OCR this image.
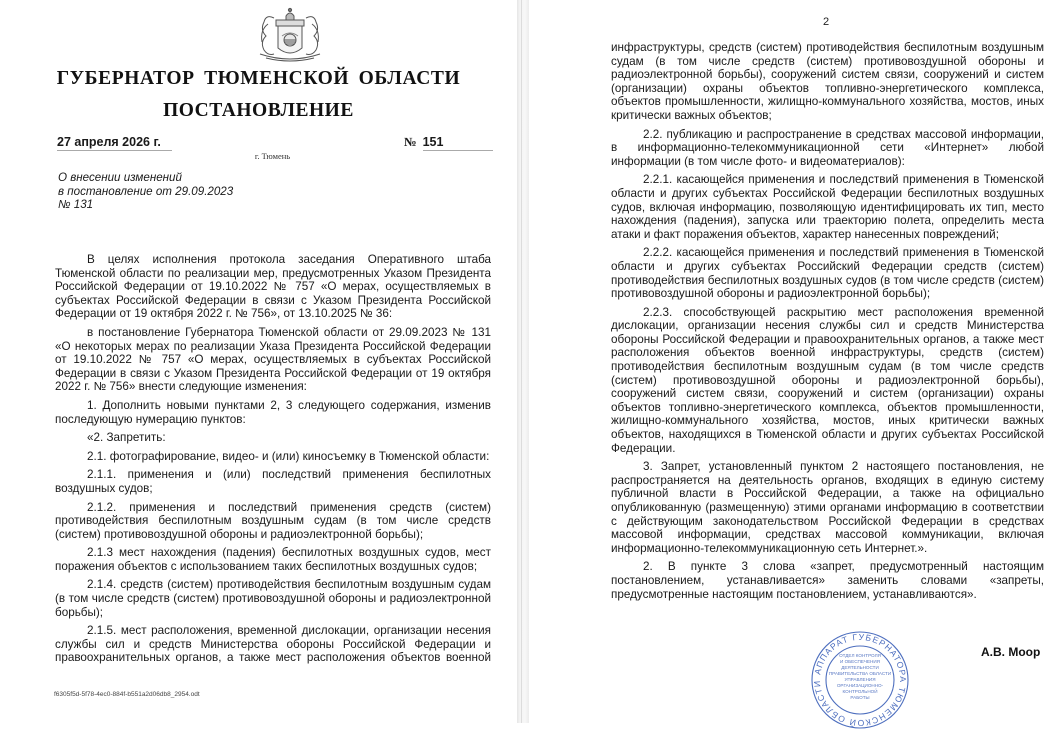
ГУБЕРНАТОР ТЮМЕНСКОЙ ОБЛАСТИ
ПОСТАНОВЛЕНИЕ
27 апреля 2026 г.	№ 151
г. Тюмень
О внесении изменений
в постановление от 29.09.2023
№ 131

В целях исполнения протокола заседания Оперативного штаба Тюменской области по реализации мер, предусмотренных Указом Президента Российской Федерации от 19.10.2022 № 757 «О мерах, осуществляемых в субъектах Российской Федерации в связи с Указом Президента Российской Федерации от 19 октября 2022 г. № 756», от 13.10.2025 № 36:

в постановление Губернатора Тюменской области от 29.09.2023 № 131 «О некоторых мерах по реализации Указа Президента Российской Федерации от 19.10.2022 № 757 «О мерах, осуществляемых в субъектах Российской Федерации в связи с Указом Президента Российской Федерации от 19 октября 2022 г. № 756» внести следующие изменения:

1. Дополнить новыми пунктами 2, 3 следующего содержания, изменив последующую нумерацию пунктов:

«2. Запретить:

2.1. фотографирование, видео- и (или) киносъемку в Тюменской области:

2.1.1. применения и (или) последствий применения беспилотных воздушных судов;

2.1.2. применения и последствий применения средств (систем) противодействия беспилотным воздушным судам (в том числе средств (систем) противовоздушной обороны и радиоэлектронной борьбы);

2.1.3 мест нахождения (падения) беспилотных воздушных судов, мест поражения объектов с использованием таких беспилотных воздушных судов;

2.1.4. средств (систем) противодействия беспилотным воздушным судам (в том числе средств (систем) противовоздушной обороны и радиоэлектронной борьбы);

2.1.5. мест расположения, временной дислокации, организации несения службы сил и средств Министерства обороны Российской Федерации и правоохранительных органов, а также мест расположения объектов военной

f6305f5d-5f78-4ec0-884f-b551a2d06db8_2954.odt
2

инфраструктуры, средств (систем) противодействия беспилотным воздушным судам (в том числе средств (систем) противовоздушной обороны и радиоэлектронной борьбы), сооружений систем связи, сооружений и систем (организации) охраны объектов топливно-энергетического комплекса, объектов промышленности, жилищно-коммунального хозяйства, мостов, иных критически важных объектов;

2.2. публикацию и распространение в средствах массовой информации, в информационно-телекоммуникационной сети «Интернет» любой информации (в том числе фото- и видеоматериалов):

2.2.1. касающейся применения и последствий применения в Тюменской области и других субъектах Российской Федерации беспилотных воздушных судов, включая информацию, позволяющую идентифицировать их тип, место нахождения (падения), запуска или траекторию полета, определить места атаки и факт поражения объектов, характер нанесенных повреждений;

2.2.2. касающейся применения и последствий применения в Тюменской области и других субъектах Российский Федерации средств (систем) противодействия беспилотных воздушных судов (в том числе средств (систем) противовоздушной обороны и радиоэлектронной борьбы);

2.2.3. способствующей раскрытию мест расположения временной дислокации, организации несения службы сил и средств Министерства обороны Российской Федерации и правоохранительных органов, а также мест расположения объектов военной инфраструктуры, средств (систем) противодействия беспилотным воздушным судам (в том числе средств (систем) противовоздушной обороны и радиоэлектронной борьбы), сооружений систем связи, сооружений и систем (организации) охраны объектов топливно-энергетического комплекса, объектов промышленности, жилищно-коммунального хозяйства, мостов, иных критически важных объектов, находящихся в Тюменской области и других субъектах Российской Федерации.

3. Запрет, установленный пунктом 2 настоящего постановления, не распространяется на деятельность органов, входящих в единую систему публичной власти в Российской Федерации, а также на официально опубликованную (размещенную) этими органами информацию в соответствии с действующим законодательством Российской Федерации в средствах массовой информации, средствах массовой коммуникации, включая информационно-телекоммуникационную сеть Интернет.».

2. В пункте 3 слова «запрет, предусмотренный настоящим постановлением, устанавливается» заменить словами «запреты, предусмотренные настоящим постановлением, устанавливаются».

АППАРАТ ГУБЕРНАТОРА ТЮМЕНСКОЙ ОБЛАСТИ
ОТДЕЛ КОНТРОЛЯ
И ОБЕСПЕЧЕНИЯ
ДЕЯТЕЛЬНОСТИ
ПРАВИТЕЛЬСТВА ОБЛАСТИ
УПРАВЛЕНИЯ
ОРГАНИЗАЦИОННО-
КОНТРОЛЬНОЙ
РАБОТЫ
А.В. Моор
